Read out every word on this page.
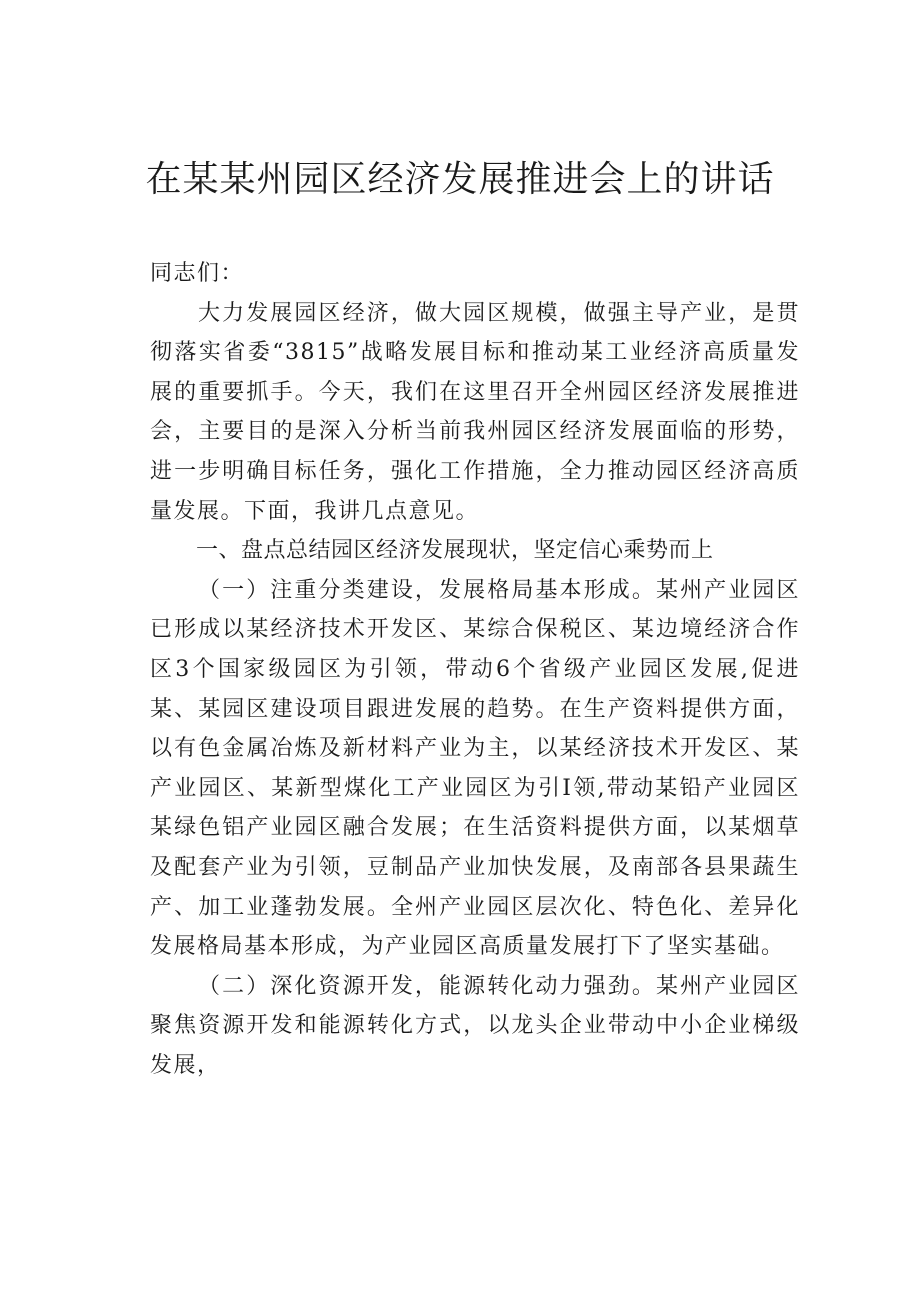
在某某州园区经济发展推进会上的讲话

同志们：

大力发展园区经济，做大园区规模，做强主导产业，是贯彻落实省委“3815”战略发展目标和推动某工业经济高质量发展的重要抓手。今天，我们在这里召开全州园区经济发展推进会，主要目的是深入分析当前我州园区经济发展面临的形势，进一步明确目标任务，强化工作措施，全力推动园区经济高质量发展。下面，我讲几点意见。

一、盘点总结园区经济发展现状，坚定信心乘势而上

（一）注重分类建设，发展格局基本形成。某州产业园区已形成以某经济技术开发区、某综合保税区、某边境经济合作区3个国家级园区为引领，带动6个省级产业园区发展,促进某、某园区建设项目跟进发展的趋势。在生产资料提供方面，以有色金属冶炼及新材料产业为主，以某经济技术开发区、某产业园区、某新型煤化工产业园区为引I领,带动某铅产业园区某绿色铝产业园区融合发展；在生活资料提供方面，以某烟草及配套产业为引领，豆制品产业加快发展，及南部各县果蔬生产、加工业蓬勃发展。全州产业园区层次化、特色化、差异化发展格局基本形成，为产业园区高质量发展打下了坚实基础。

（二）深化资源开发，能源转化动力强劲。某州产业园区聚焦资源开发和能源转化方式，以龙头企业带动中小企业梯级发展，
